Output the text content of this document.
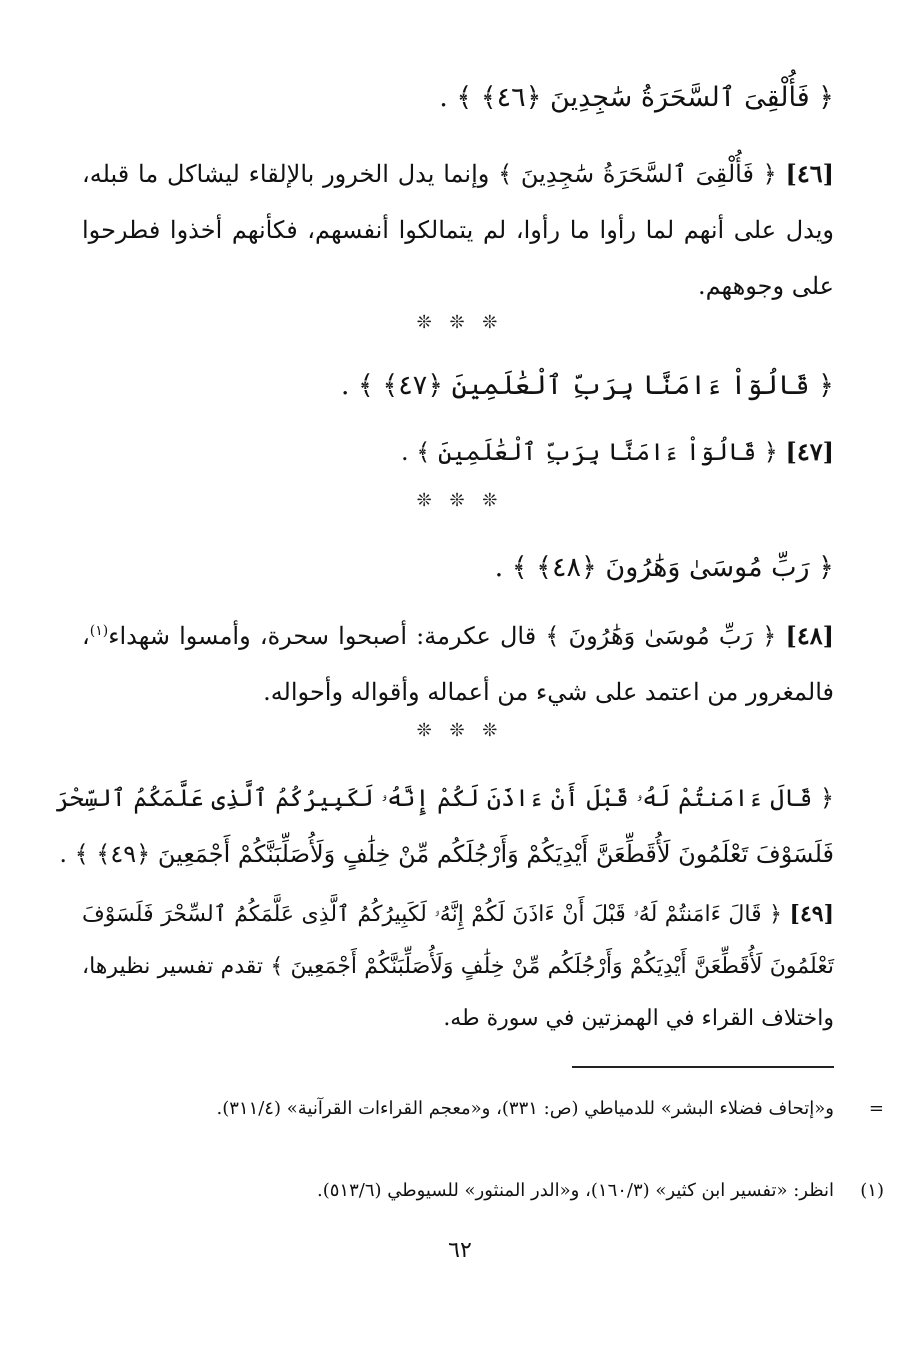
﴿ فَأُلْقِىَ ٱلسَّحَرَةُ سَٰجِدِينَ ﴿٤٦﴾ ﴾ .

[٤٦] ﴿ فَأُلْقِىَ ٱلسَّحَرَةُ سَٰجِدِينَ ﴾ وإنما يدل الخرور بالإلقاء ليشاكل ما قبله، ويدل على أنهم لما رأوا ما رأوا، لم يتمالكوا أنفسهم، فكأنهم أخذوا فطرحوا على وجوههم.

❊ ❊ ❊
﴿ قَالُوٓاْ ءَامَنَّا بِرَبِّ ٱلْعَٰلَمِينَ ﴿٤٧﴾ ﴾ .

[٤٧] ﴿ قَالُوٓاْ ءَامَنَّا بِرَبِّ ٱلْعَٰلَمِينَ ﴾ .

❊ ❊ ❊
﴿ رَبِّ مُوسَىٰ وَهَٰرُونَ ﴿٤٨﴾ ﴾ .

[٤٨] ﴿ رَبِّ مُوسَىٰ وَهَٰرُونَ ﴾ قال عكرمة: أصبحوا سحرة، وأمسوا شهداء$^{(١)}$، فالمغرور من اعتمد على شيء من أعماله وأقواله وأحواله.

❊ ❊ ❊
﴿ قَالَ ءَامَنتُمْ لَهُۥ قَبْلَ أَنْ ءَاذَنَ لَكُمْ إِنَّهُۥ لَكَبِيرُكُمُ ٱلَّذِى عَلَّمَكُمُ ٱلسِّحْرَ
فَلَسَوْفَ تَعْلَمُونَ لَأُقَطِّعَنَّ أَيْدِيَكُمْ وَأَرْجُلَكُم مِّنْ خِلَٰفٍ وَلَأُصَلِّبَنَّكُمْ أَجْمَعِينَ ﴿٤٩﴾ ﴾ .

[٤٩] ﴿ قَالَ ءَامَنتُمْ لَهُۥ قَبْلَ أَنْ ءَاذَنَ لَكُمْ إِنَّهُۥ لَكَبِيرُكُمُ ٱلَّذِى عَلَّمَكُمُ ٱلسِّحْرَ فَلَسَوْفَ تَعْلَمُونَ لَأُقَطِّعَنَّ أَيْدِيَكُمْ وَأَرْجُلَكُم مِّنْ خِلَٰفٍ وَلَأُصَلِّبَنَّكُمْ أَجْمَعِينَ ﴾ تقدم تفسير نظيرها، واختلاف القراء في الهمزتين في سورة طه.

=
و«إتحاف فضلاء البشر» للدمياطي (ص: ٣٣١)، و«معجم القراءات القرآنية» (٣١١/٤).
(١)
انظر: «تفسير ابن كثير» (١٦٠/٣)، و«الدر المنثور» للسيوطي (٥١٣/٦).
٦٢
